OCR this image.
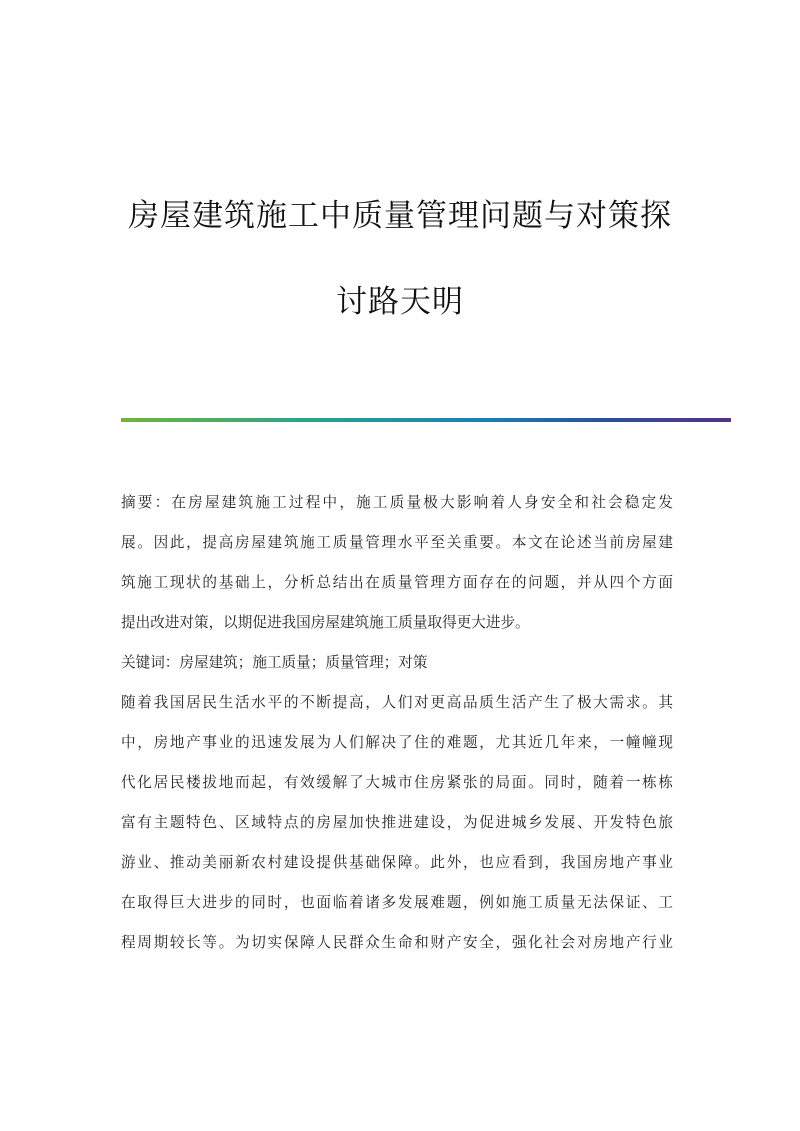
房屋建筑施工中质量管理问题与对策探
讨路天明
摘要：在房屋建筑施工过程中，施工质量极大影响着人身安全和社会稳定发
展。因此，提高房屋建筑施工质量管理水平至关重要。本文在论述当前房屋建
筑施工现状的基础上，分析总结出在质量管理方面存在的问题，并从四个方面
提出改进对策，以期促进我国房屋建筑施工质量取得更大进步。
关键词：房屋建筑；施工质量；质量管理；对策
随着我国居民生活水平的不断提高，人们对更高品质生活产生了极大需求。其
中，房地产事业的迅速发展为人们解决了住的难题，尤其近几年来，一幢幢现
代化居民楼拔地而起，有效缓解了大城市住房紧张的局面。同时，随着一栋栋
富有主题特色、区域特点的房屋加快推进建设，为促进城乡发展、开发特色旅
游业、推动美丽新农村建设提供基础保障。此外，也应看到，我国房地产事业
在取得巨大进步的同时，也面临着诸多发展难题，例如施工质量无法保证、工
程周期较长等。为切实保障人民群众生命和财产安全，强化社会对房地产行业
